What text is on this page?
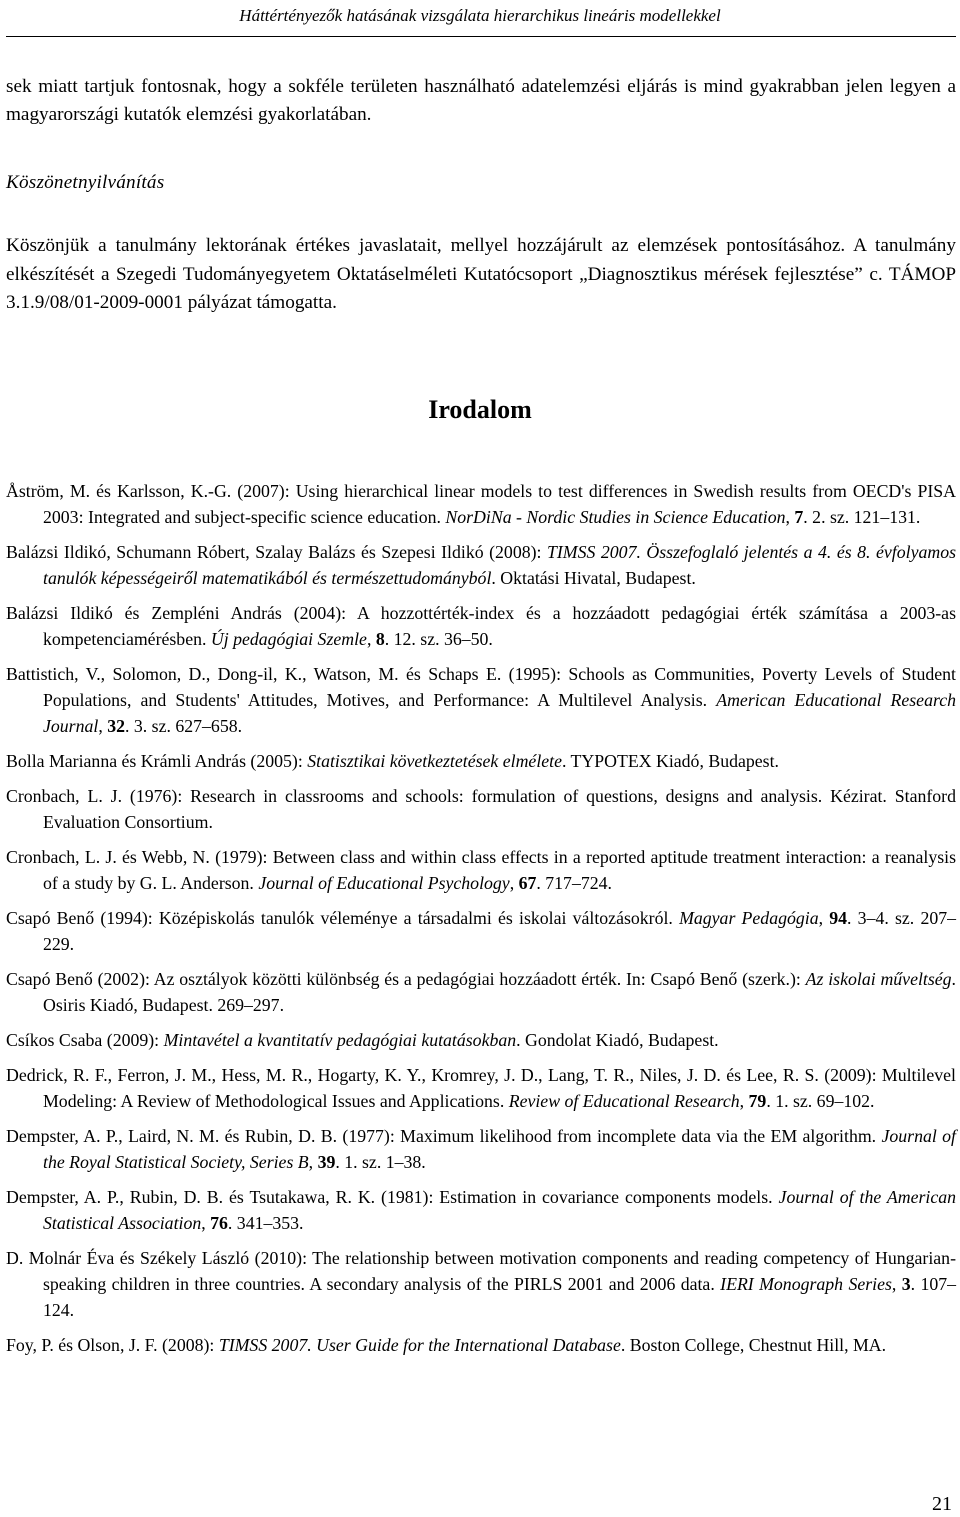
Háttértényezők hatásának vizsgálata hierarchikus lineáris modellekkel

sek miatt tartjuk fontosnak, hogy a sokféle területen használható adatelemzési eljárás is mind gyakrabban jelen legyen a magyarországi kutatók elemzési gyakorlatában.

Köszönetnyilvánítás

Köszönjük a tanulmány lektorának értékes javaslatait, mellyel hozzájárult az elemzések pontosításához. A tanulmány elkészítését a Szegedi Tudományegyetem Oktatáselméleti Kutatócsoport „Diagnosztikus mérések fejlesztése” c. TÁMOP 3.1.9/08/01-2009-0001 pályázat támogatta.

Irodalom
Åström, M. és Karlsson, K.-G. (2007): Using hierarchical linear models to test differences in Swedish results from OECD's PISA 2003: Integrated and subject-specific science education. NorDiNa - Nordic Studies in Science Education, 7. 2. sz. 121–131.
Balázsi Ildikó, Schumann Róbert, Szalay Balázs és Szepesi Ildikó (2008): TIMSS 2007. Összefoglaló jelentés a 4. és 8. évfolyamos tanulók képességeiről matematikából és természettudományból. Oktatási Hivatal, Budapest.
Balázsi Ildikó és Zempléni András (2004): A hozzottérték-index és a hozzáadott pedagógiai érték számítása a 2003-as kompetenciamérésben. Új pedagógiai Szemle, 8. 12. sz. 36–50.
Battistich, V., Solomon, D., Dong-il, K., Watson, M. és Schaps E. (1995): Schools as Communities, Poverty Levels of Student Populations, and Students' Attitudes, Motives, and Performance: A Multilevel Analysis. American Educational Research Journal, 32. 3. sz. 627–658.
Bolla Marianna és Krámli András (2005): Statisztikai következtetések elmélete. TYPOTEX Kiadó, Budapest.
Cronbach, L. J. (1976): Research in classrooms and schools: formulation of questions, designs and analysis. Kézirat. Stanford Evaluation Consortium.
Cronbach, L. J. és Webb, N. (1979): Between class and within class effects in a reported aptitude treatment interaction: a reanalysis of a study by G. L. Anderson. Journal of Educational Psychology, 67. 717–724.
Csapó Benő (1994): Középiskolás tanulók véleménye a társadalmi és iskolai változásokról. Magyar Pedagógia, 94. 3–4. sz. 207–229.
Csapó Benő (2002): Az osztályok közötti különbség és a pedagógiai hozzáadott érték. In: Csapó Benő (szerk.): Az iskolai műveltség. Osiris Kiadó, Budapest. 269–297.
Csíkos Csaba (2009): Mintavétel a kvantitatív pedagógiai kutatásokban. Gondolat Kiadó, Budapest.
Dedrick, R. F., Ferron, J. M., Hess, M. R., Hogarty, K. Y., Kromrey, J. D., Lang, T. R., Niles, J. D. és Lee, R. S. (2009): Multilevel Modeling: A Review of Methodological Issues and Applications. Review of Educational Research, 79. 1. sz. 69–102.
Dempster, A. P., Laird, N. M. és Rubin, D. B. (1977): Maximum likelihood from incomplete data via the EM algorithm. Journal of the Royal Statistical Society, Series B, 39. 1. sz. 1–38.
Dempster, A. P., Rubin, D. B. és Tsutakawa, R. K. (1981): Estimation in covariance components models. Journal of the American Statistical Association, 76. 341–353.
D. Molnár Éva és Székely László (2010): The relationship between motivation components and reading competency of Hungarian-speaking children in three countries. A secondary analysis of the PIRLS 2001 and 2006 data. IERI Monograph Series, 3. 107–124.
Foy, P. és Olson, J. F. (2008): TIMSS 2007. User Guide for the International Database. Boston College, Chestnut Hill, MA.
21
